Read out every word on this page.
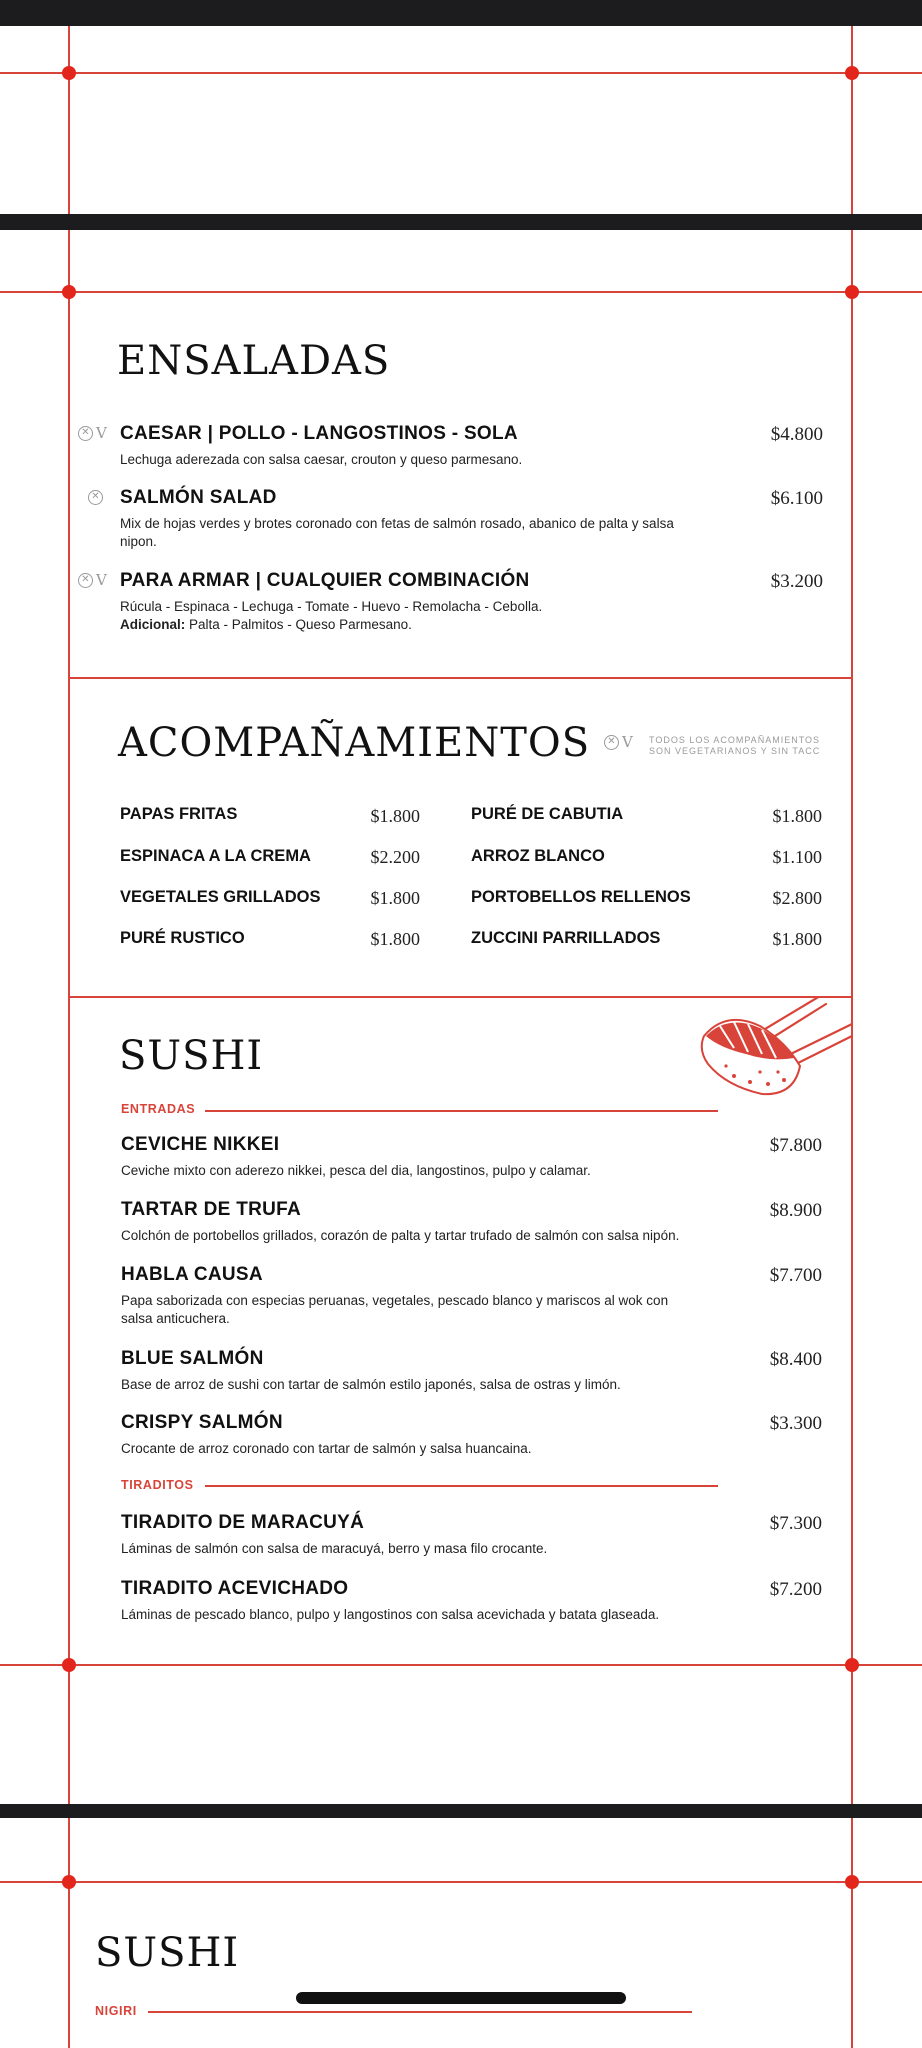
ENSALADAS
✕ V CAESAR | POLLO - LANGOSTINOS - SOLA	$4.800
Lechuga aderezada con salsa caesar, crouton y queso parmesano.
✕ SALMÓN SALAD	$6.100
Mix de hojas verdes y brotes coronado con fetas de salmón rosado, abanico de palta y salsa nipon.
✕ V PARA ARMAR | CUALQUIER COMBINACIÓN	$3.200
Rúcula - Espinaca - Lechuga - Tomate - Huevo - Remolacha - Cebolla.
Adicional: Palta - Palmitos - Queso Parmesano.
ACOMPAÑAMIENTOS	✕ V TODOS LOS ACOMPAÑAMIENTOS
SON VEGETARIANOS Y SIN TACC
PAPAS FRITAS	$1.800
ESPINACA A LA CREMA	$2.200
VEGETALES GRILLADOS	$1.800
PURÉ RUSTICO	$1.800
PURÉ DE CABUTIA	$1.800
ARROZ BLANCO	$1.100
PORTOBELLOS RELLENOS	$2.800
ZUCCINI PARRILLADOS	$1.800
SUSHI
ENTRADAS
CEVICHE NIKKEI	$7.800
Ceviche mixto con aderezo nikkei, pesca del dia, langostinos, pulpo y calamar.
TARTAR DE TRUFA	$8.900
Colchón de portobellos grillados, corazón de palta y tartar trufado de salmón con salsa nipón.
HABLA CAUSA	$7.700
Papa saborizada con especias peruanas, vegetales, pescado blanco y mariscos al wok con salsa anticuchera.
BLUE SALMÓN	$8.400
Base de arroz de sushi con tartar de salmón estilo japonés, salsa de ostras y limón.
CRISPY SALMÓN	$3.300
Crocante de arroz coronado con tartar de salmón y salsa huancaina.
TIRADITOS
TIRADITO DE MARACUYÁ	$7.300
Láminas de salmón con salsa de maracuyá, berro y masa filo crocante.
TIRADITO ACEVICHADO	$7.200
Láminas de pescado blanco, pulpo y langostinos con salsa acevichada y batata glaseada.
SUSHI
NIGIRI
